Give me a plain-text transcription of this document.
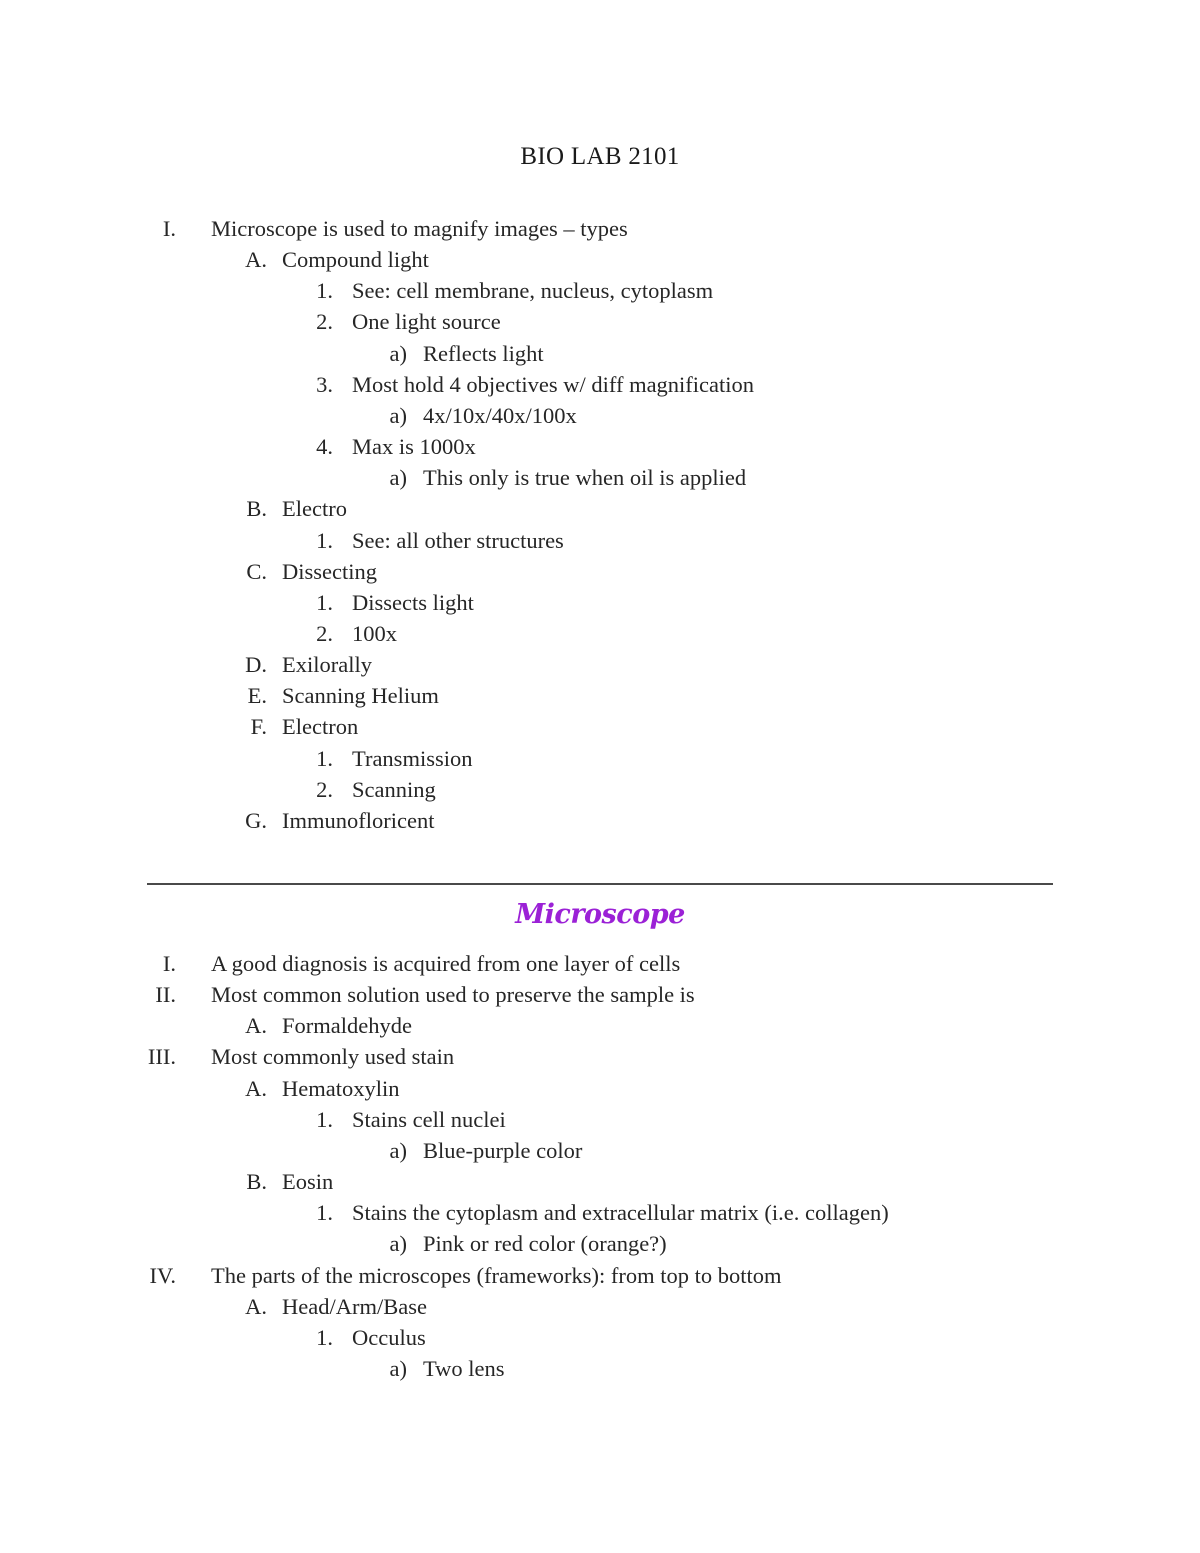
BIO LAB 2101
I. Microscope is used to magnify images – types
A. Compound light
1. See: cell membrane, nucleus, cytoplasm
2. One light source
a) Reflects light
3. Most hold 4 objectives w/ diff magnification
a) 4x/10x/40x/100x
4. Max is 1000x
a) This only is true when oil is applied
B. Electro
1. See: all other structures
C. Dissecting
1. Dissects light
2. 100x
D. Exilorally
E. Scanning Helium
F. Electron
1. Transmission
2. Scanning
G. Immunofloricent
Microscope
I. A good diagnosis is acquired from one layer of cells
II. Most common solution used to preserve the sample is
A. Formaldehyde
III. Most commonly used stain
A. Hematoxylin
1. Stains cell nuclei
a) Blue-purple color
B. Eosin
1. Stains the cytoplasm and extracellular matrix (i.e. collagen)
a) Pink or red color (orange?)
IV. The parts of the microscopes (frameworks): from top to bottom
A. Head/Arm/Base
1. Occulus
a) Two lens
